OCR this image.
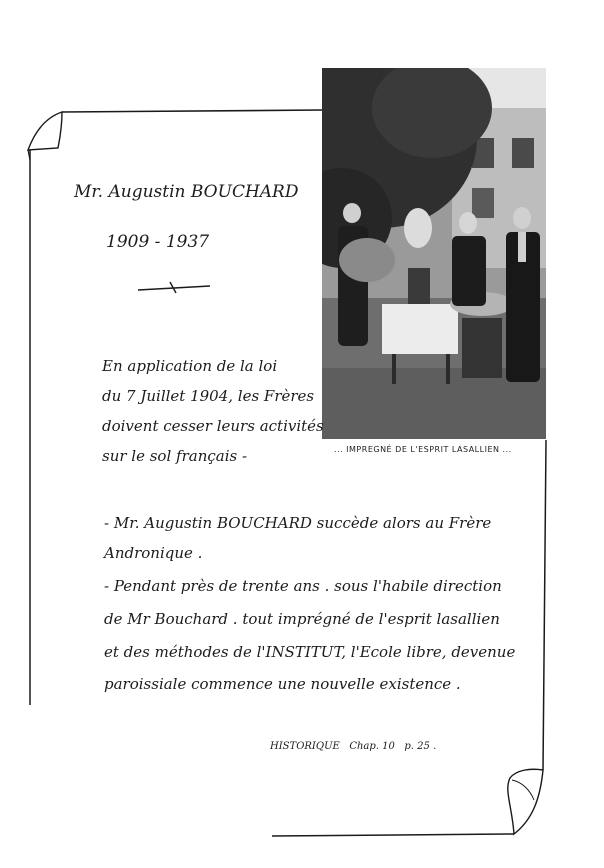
Mr. Augustin BOUCHARD
1909 - 1937
... IMPREGNÉ DE L'ESPRIT LASALLIEN ...
En application de la loi
du 7 Juillet 1904, les Frères
doivent cesser leurs activités
sur le sol français -
- Mr. Augustin BOUCHARD succède alors au Frère
Andronique .
- Pendant près de trente ans . sous l'habile direction
de Mr Bouchard . tout imprégné de l'esprit lasallien
et des méthodes de l'INSTITUT, l'Ecole libre, devenue
paroissiale commence une nouvelle existence .
HISTORIQUE   Chap. 10   p. 25 .
